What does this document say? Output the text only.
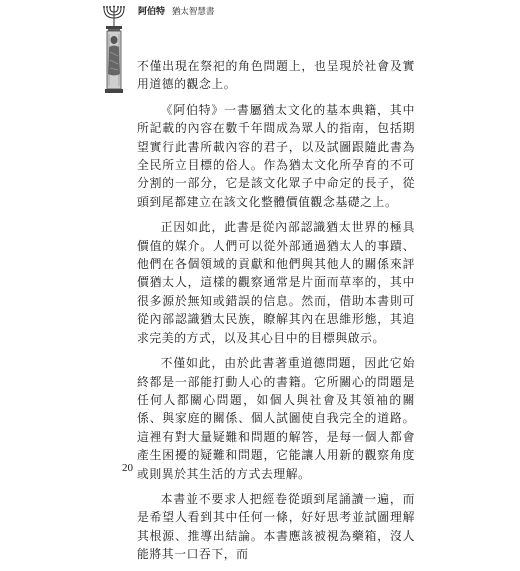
阿伯特 猶太智慧書

不僅出現在祭祀的角色問題上，也呈現於社會及實用道德的觀念上。

《阿伯特》一書屬猶太文化的基本典籍，其中所記載的內容在數千年間成為眾人的指南，包括期望實行此書所載內容的君子，以及試圖跟隨此書為全民所立目標的俗人。作為猶太文化所孕育的不可分割的一部分，它是該文化眾子中命定的長子，從頭到尾都建立在該文化整體價值觀念基礎之上。

正因如此，此書是從內部認識猶太世界的極具價值的媒介。人們可以從外部通過猶太人的事蹟、他們在各個領域的貢獻和他們與其他人的關係來評價猶太人，這樣的觀察通常是片面而草率的，其中很多源於無知或錯誤的信息。然而，借助本書則可從內部認識猶太民族，瞭解其內在思維形態，其追求完美的方式，以及其心目中的目標與啟示。

不僅如此，由於此書著重道德問題，因此它始終都是一部能打動人心的書籍。它所關心的問題是任何人都關心問題，如個人與社會及其領袖的關係、與家庭的關係、個人試圖使自我完全的道路。這裡有對大量疑難和問題的解答，是每一個人都會產生困擾的疑難和問題，它能讓人用新的觀察角度或則異於其生活的方式去理解。

本書並不要求人把經卷從頭到尾誦讀一遍，而是希望人看到其中任何一條，好好思考並試圖理解其根源、推導出結論。本書應該被視為藥箱，沒人能將其一口吞下，而

20
